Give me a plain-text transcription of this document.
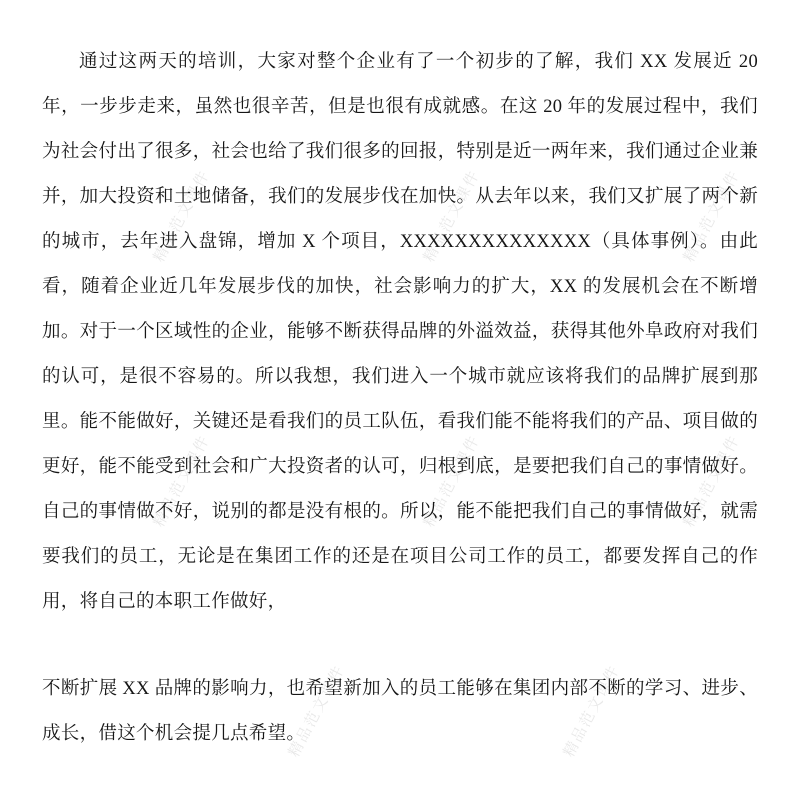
精品范文课件	精品范文课件	精品范文课件
精品范文课件	精品范文课件	精品范文课件
精品范文课件	精品范文课件

通过这两天的培训，大家对整个企业有了一个初步的了解，我们 XX 发展近 20 年，一步步走来，虽然也很辛苦，但是也很有成就感。在这 20 年的发展过程中，我们为社会付出了很多，社会也给了我们很多的回报，特别是近一两年来，我们通过企业兼并，加大投资和土地储备，我们的发展步伐在加快。从去年以来，我们又扩展了两个新的城市，去年进入盘锦，增加 X 个项目，XXXXXXXXXXXXXX（具体事例）。由此看，随着企业近几年发展步伐的加快，社会影响力的扩大，XX 的发展机会在不断增加。对于一个区域性的企业，能够不断获得品牌的外溢效益，获得其他外阜政府对我们的认可，是很不容易的。所以我想，我们进入一个城市就应该将我们的品牌扩展到那里。能不能做好，关键还是看我们的员工队伍，看我们能不能将我们的产品、项目做的更好，能不能受到社会和广大投资者的认可，归根到底，是要把我们自己的事情做好。自己的事情做不好，说别的都是没有根的。所以，能不能把我们自己的事情做好，就需要我们的员工，无论是在集团工作的还是在项目公司工作的员工，都要发挥自己的作用，将自己的本职工作做好，

不断扩展 XX 品牌的影响力，也希望新加入的员工能够在集团内部不断的学习、进步、成长，借这个机会提几点希望。
